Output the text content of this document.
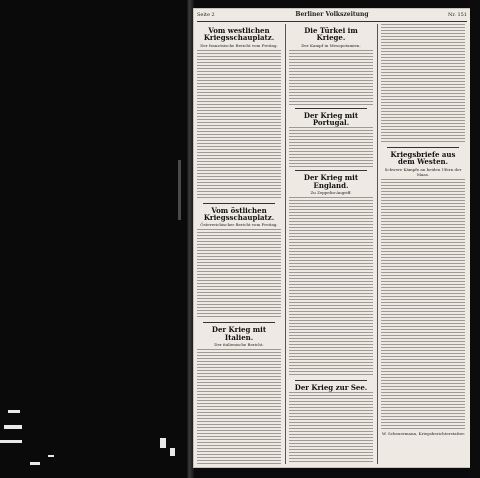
Seite 2	Berliner Volkszeitung	Nr. 151
Vom westlichen Kriegsschauplatz.
Der französische Bericht vom Freitag.
Vom östlichen Kriegsschauplatz.
Österreichischer Bericht vom Freitag.
Der Krieg mit Italien.
Der italienische Bericht.
Die Türkei im Kriege.
Der Kampf in Mesopotamien.
Der Krieg mit Portugal.
Der Krieg mit England.
Zu Zeppelin-Angriff.
Der Krieg zur See.
Kriegsbriefe aus dem Westen.
Schwere Kämpfe an beiden Ufern der Maas.
W. Scheuermann, Kriegsberichterstatter.
